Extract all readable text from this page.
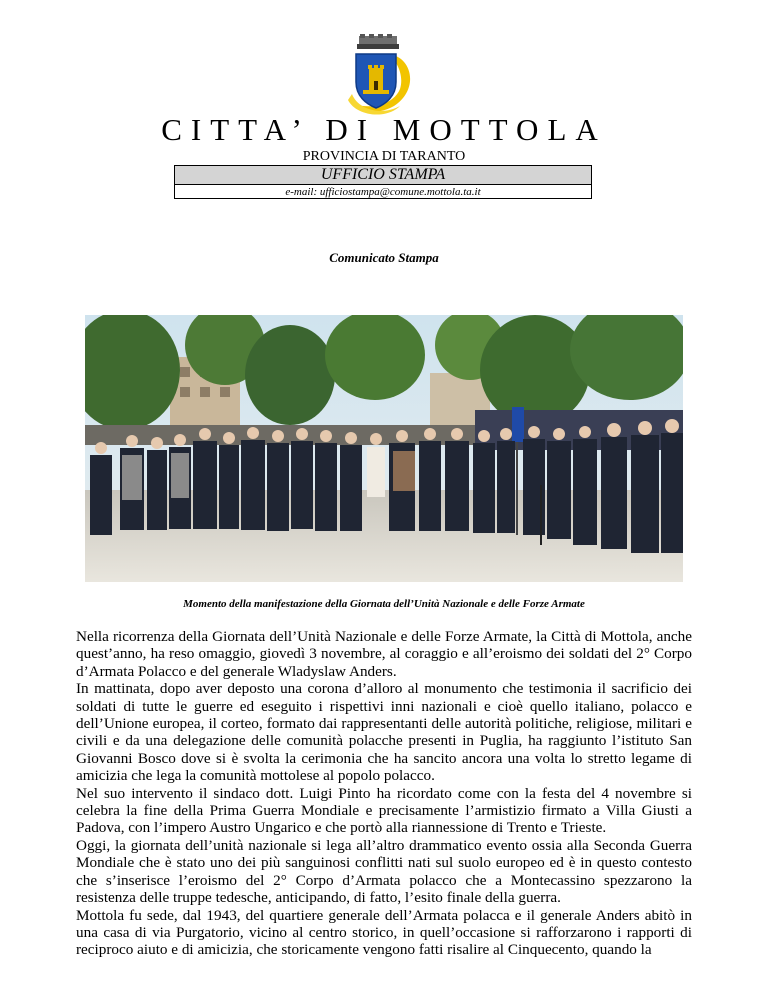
CITTA’ DI MOTTOLA
PROVINCIA DI TARANTO
UFFICIO STAMPA
e-mail: ufficiostampa@comune.mottola.ta.it
Comunicato Stampa
Momento della manifestazione della Giornata dell’Unità Nazionale e delle Forze Armate

Nella ricorrenza della Giornata dell’Unità Nazionale e delle Forze Armate, la Città di Mottola, anche quest’anno, ha reso omaggio, giovedì 3 novembre, al coraggio e all’eroismo dei soldati del 2° Corpo d’Armata Polacco e del generale Wladyslaw Anders.

In mattinata, dopo aver deposto una corona d’alloro al monumento che testimonia il sacrificio dei soldati di tutte le guerre ed eseguito i rispettivi inni nazionali e cioè quello italiano, polacco e dell’Unione europea, il corteo, formato dai rappresentanti delle autorità politiche, religiose, militari e civili e da una delegazione delle comunità polacche presenti in Puglia, ha raggiunto l’istituto San Giovanni Bosco dove si è svolta la cerimonia che ha sancito ancora una volta lo stretto legame di amicizia che lega la comunità mottolese al popolo polacco.

Nel suo intervento il sindaco dott. Luigi Pinto ha ricordato come con la festa del 4 novembre si celebra la fine della Prima Guerra Mondiale e precisamente l’armistizio firmato a Villa Giusti a Padova, con l’impero Austro Ungarico e che portò alla riannessione di Trento e Trieste.

Oggi, la giornata dell’unità nazionale si lega all’altro drammatico evento ossia alla Seconda Guerra Mondiale che è stato uno dei più sanguinosi conflitti nati sul suolo europeo ed è in questo contesto che s’inserisce l’eroismo del 2° Corpo d’Armata polacco che a Montecassino spezzarono la resistenza delle truppe tedesche, anticipando, di fatto, l’esito finale della guerra.

Mottola fu sede, dal 1943, del quartiere generale dell’Armata polacca e il generale Anders abitò in una casa di via Purgatorio, vicino al centro storico, in quell’occasione si rafforzarono i rapporti di reciproco aiuto e di amicizia, che storicamente vengono fatti risalire al Cinquecento, quando la
